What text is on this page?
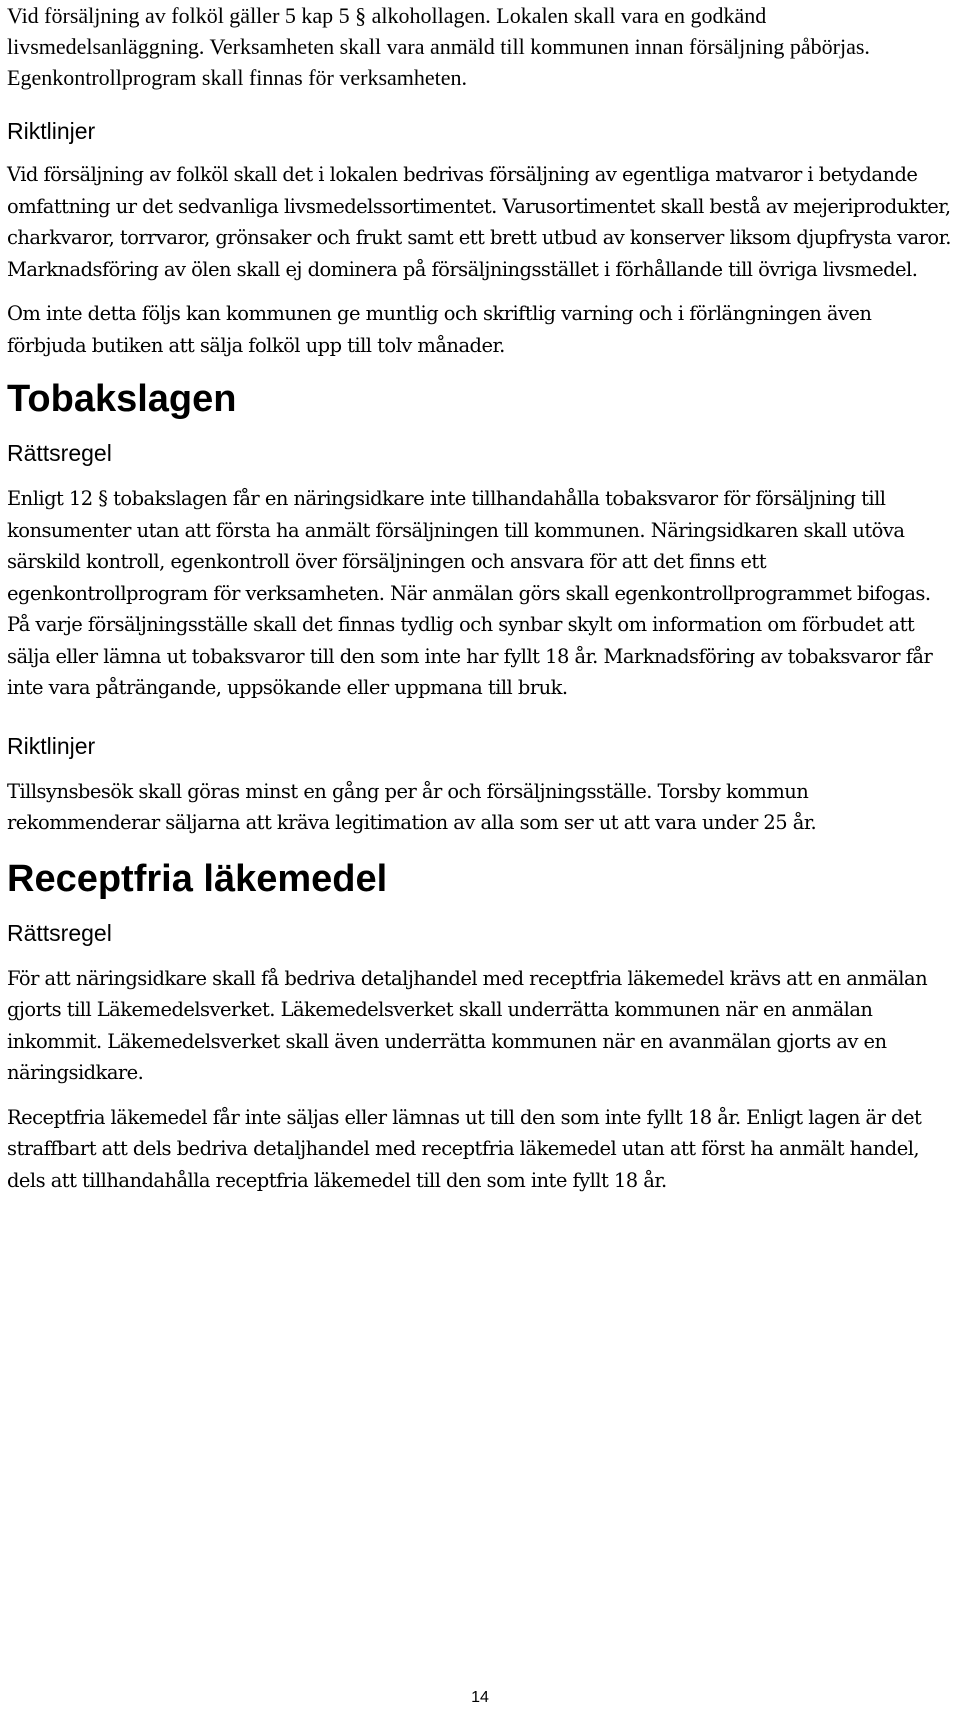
Vid försäljning av folköl gäller 5 kap 5 § alkohollagen. Lokalen skall vara en godkänd livsmedelsanläggning. Verksamheten skall vara anmäld till kommunen innan försäljning påbörjas. Egenkontrollprogram skall finnas för verksamheten.

Riktlinjer

Vid försäljning av folköl skall det i lokalen bedrivas försäljning av egentliga matvaror i betydande omfattning ur det sedvanliga livsmedelssortimentet. Varusortimentet skall bestå av mejeriprodukter, charkvaror, torrvaror, grönsaker och frukt samt ett brett utbud av konserver liksom djupfrysta varor. Marknadsföring av ölen skall ej dominera på försäljningsstället i förhållande till övriga livsmedel.

Om inte detta följs kan kommunen ge muntlig och skriftlig varning och i förlängningen även förbjuda butiken att sälja folköl upp till tolv månader.

Tobakslagen
Rättsregel

Enligt 12 § tobakslagen får en näringsidkare inte tillhandahålla tobaksvaror för försäljning till konsumenter utan att första ha anmält försäljningen till kommunen. Näringsidkaren skall utöva särskild kontroll, egenkontroll över försäljningen och ansvara för att det finns ett egenkontrollprogram för verksamheten. När anmälan görs skall egenkontrollprogrammet bifogas. På varje försäljningsställe skall det finnas tydlig och synbar skylt om information om förbudet att sälja eller lämna ut tobaksvaror till den som inte har fyllt 18 år. Marknadsföring av tobaksvaror får inte vara påträngande, uppsökande eller uppmana till bruk.

Riktlinjer

Tillsynsbesök skall göras minst en gång per år och försäljningsställe. Torsby kommun rekommenderar säljarna att kräva legitimation av alla som ser ut att vara under 25 år.

Receptfria läkemedel
Rättsregel

För att näringsidkare skall få bedriva detaljhandel med receptfria läkemedel krävs att en anmälan gjorts till Läkemedelsverket. Läkemedelsverket skall underrätta kommunen när en anmälan inkommit. Läkemedelsverket skall även underrätta kommunen när en avanmälan gjorts av en näringsidkare.

Receptfria läkemedel får inte säljas eller lämnas ut till den som inte fyllt 18 år. Enligt lagen är det straffbart att dels bedriva detaljhandel med receptfria läkemedel utan att först ha anmält handel, dels att tillhandahålla receptfria läkemedel till den som inte fyllt 18 år.

14
